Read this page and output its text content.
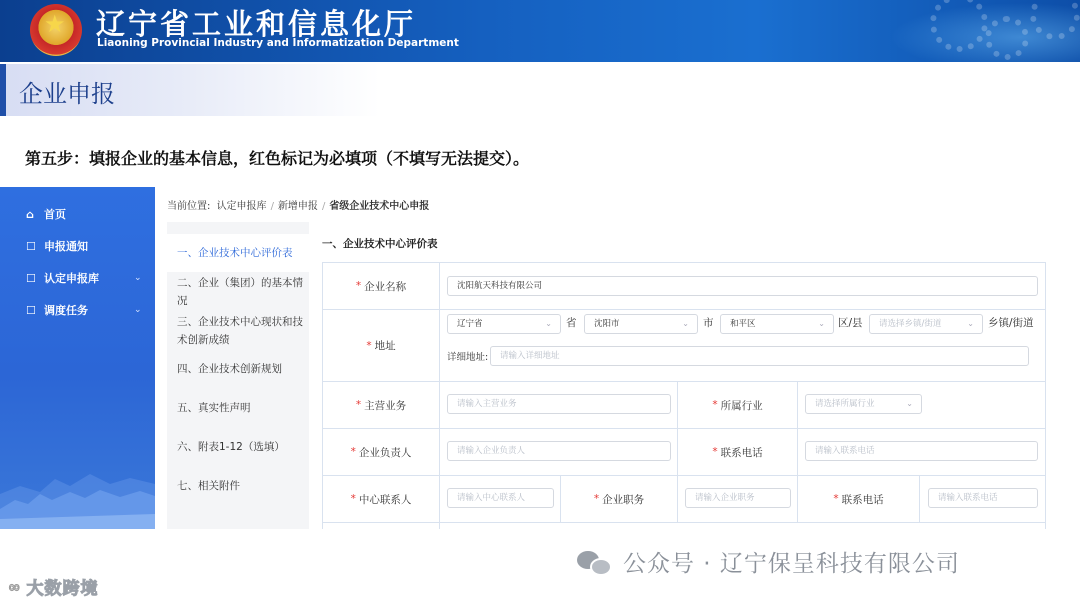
★ 辽宁省工业和信息化厅
Liaoning Provincial Industry and Informatization Department
企业申报
第五步：填报企业的基本信息，红色标记为必填项（不填写无法提交）。
⌂ 首页
☐ 申报通知
☐ 认定申报库	⌄
☐ 调度任务	⌄
当前位置: 认定申报库 / 新增申报 / 省级企业技术中心申报
一、企业技术中心评价表
二、企业（集团）的基本情况
三、企业技术中心现状和技术创新成绩
四、企业技术创新规划
五、真实性声明
六、附表1-12（选填）
七、相关附件
一、企业技术中心评价表
* 企业名称	沈阳航天科技有限公司
* 地址
辽宁省	⌄ 省	沈阳市	⌄ 市	和平区	⌄ 区/县	请选择乡镇/街道	⌄ 乡镇/街道
详细地址:	请输入详细地址
* 主营业务	请输入主营业务	* 所属行业	请选择所属行业	⌄
* 企业负责人	请输入企业负责人	* 联系电话	请输入联系电话
* 中心联系人	请输入中心联系人	* 企业职务	请输入企业职务	* 联系电话	请输入联系电话
公众号 · 辽宁保呈科技有限公司
∞ 大数跨境
